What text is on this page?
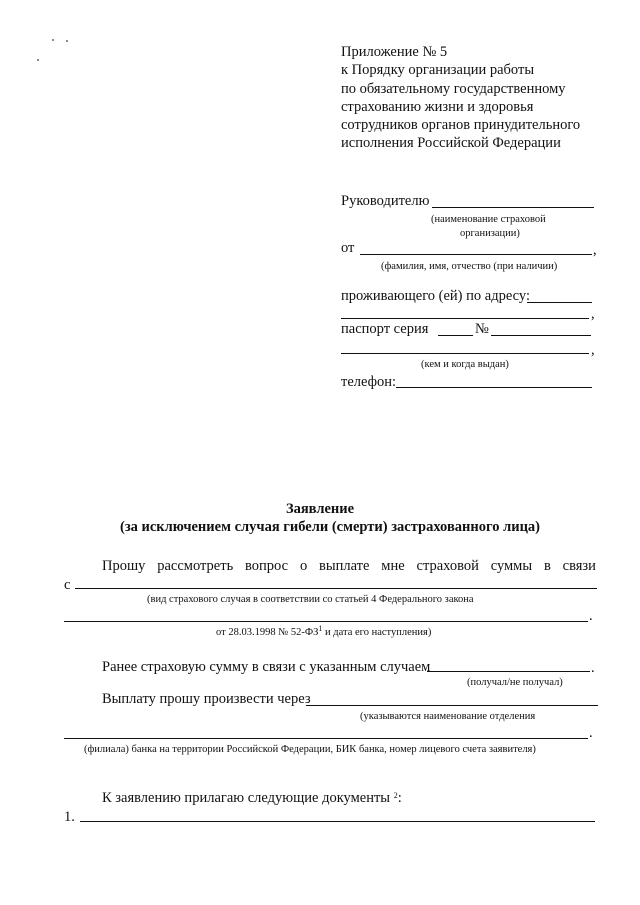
Приложение № 5
к Порядку организации работы
по обязательному государственному
страхованию жизни и здоровья
сотрудников органов принудительного
исполнения Российской Федерации
Руководителю
(наименование страховой
организации)
от	,
(фамилия, имя, отчество (при наличии)
проживающего (ей) по адресу:
,
паспорт серия	№
,
(кем и когда выдан)
телефон:
Заявление
(за исключением случая гибели (смерти) застрахованного лица)
Прошу рассмотреть вопрос о выплате мне страховой суммы в связи
с
(вид страхового случая в соответствии со статьей 4 Федерального закона
.
от 28.03.1998 № $52-ФЗ^1$ и дата его наступления)
Ранее страховую сумму в связи с указанным случаем	.
(получал/не получал)
Выплату прошу произвести через
(указываются наименование отделения
.
(филиала) банка на территории Российской Федерации, БИК банка, номер лицевого счета заявителя)
К заявлению прилагаю следующие документы $^2$:
1.
